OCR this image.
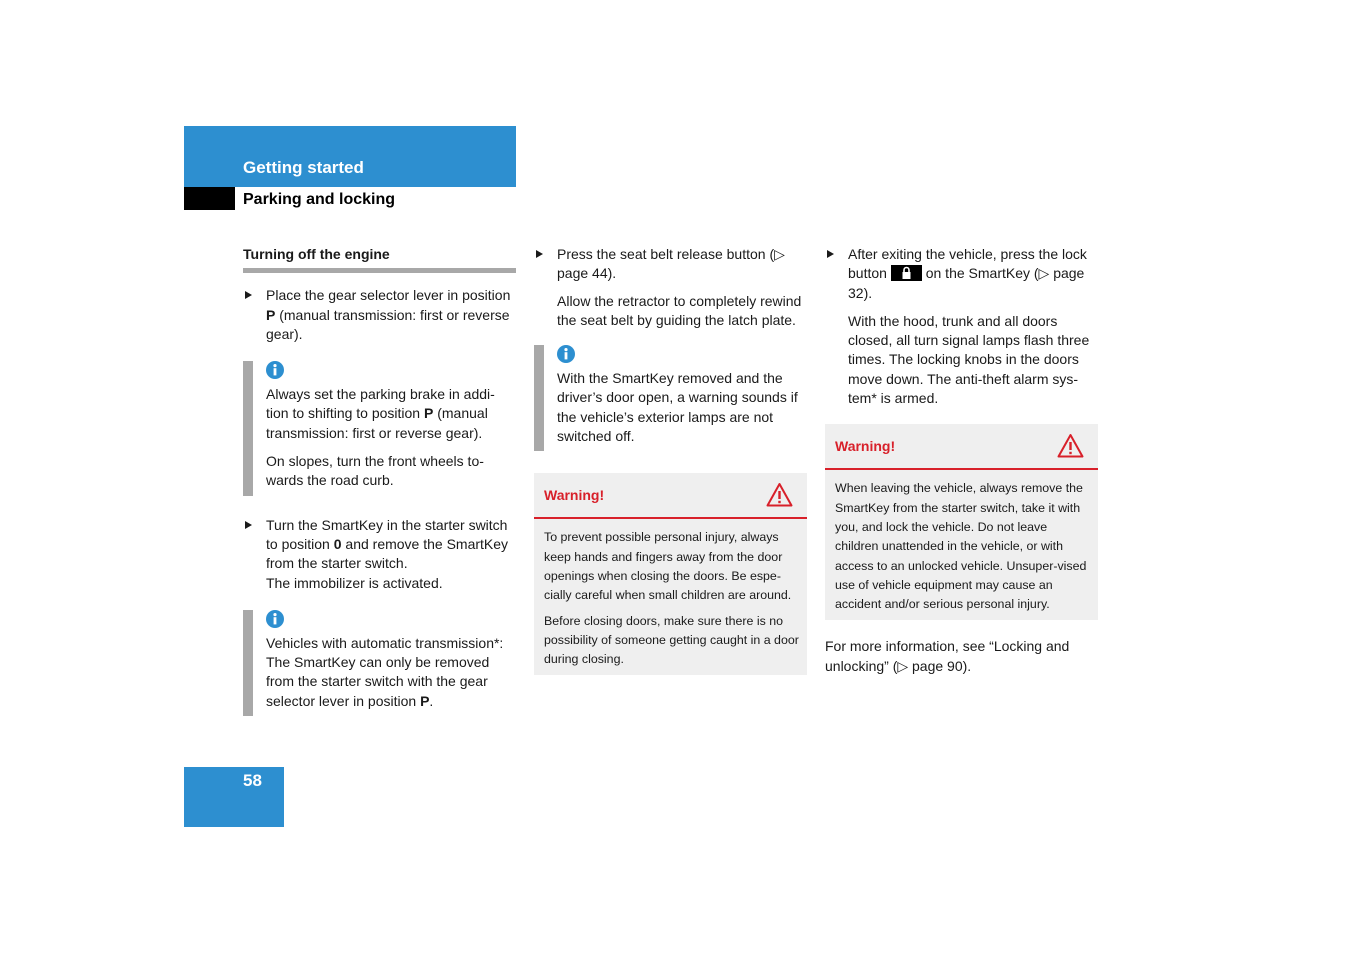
Getting started
Parking and locking
Turning off the engine

Place the gear selector lever in position P (manual transmission: first or reverse gear).

Always set the parking brake in addi-tion to shifting to position P (manual transmission: first or reverse gear).

On slopes, turn the front wheels to-wards the road curb.

Turn the SmartKey in the starter switch to position 0 and remove the SmartKey from the starter switch.

The immobilizer is activated.

Vehicles with automatic transmission*: The SmartKey can only be removed from the starter switch with the gear selector lever in position P.

Press the seat belt release button (▷ page 44).

Allow the retractor to completely rewind the seat belt by guiding the latch plate.

With the SmartKey removed and the driver’s door open, a warning sounds if the vehicle’s exterior lamps are not switched off.

Warning!

To prevent possible personal injury, always keep hands and fingers away from the door openings when closing the doors. Be espe-cially careful when small children are around.

Before closing doors, make sure there is no possibility of someone getting caught in a door during closing.

After exiting the vehicle, press the lock button
on the SmartKey (▷ page 32).

With the hood, trunk and all doors closed, all turn signal lamps flash three times. The locking knobs in the doors move down. The anti-theft alarm sys-tem* is armed.

Warning!

When leaving the vehicle, always remove the SmartKey from the starter switch, take it with you, and lock the vehicle. Do not leave children unattended in the vehicle, or with access to an unlocked vehicle. Unsuper-vised use of vehicle equipment may cause an accident and/or serious personal injury.

For more information, see “Locking and unlocking” (▷ page 90).

58
